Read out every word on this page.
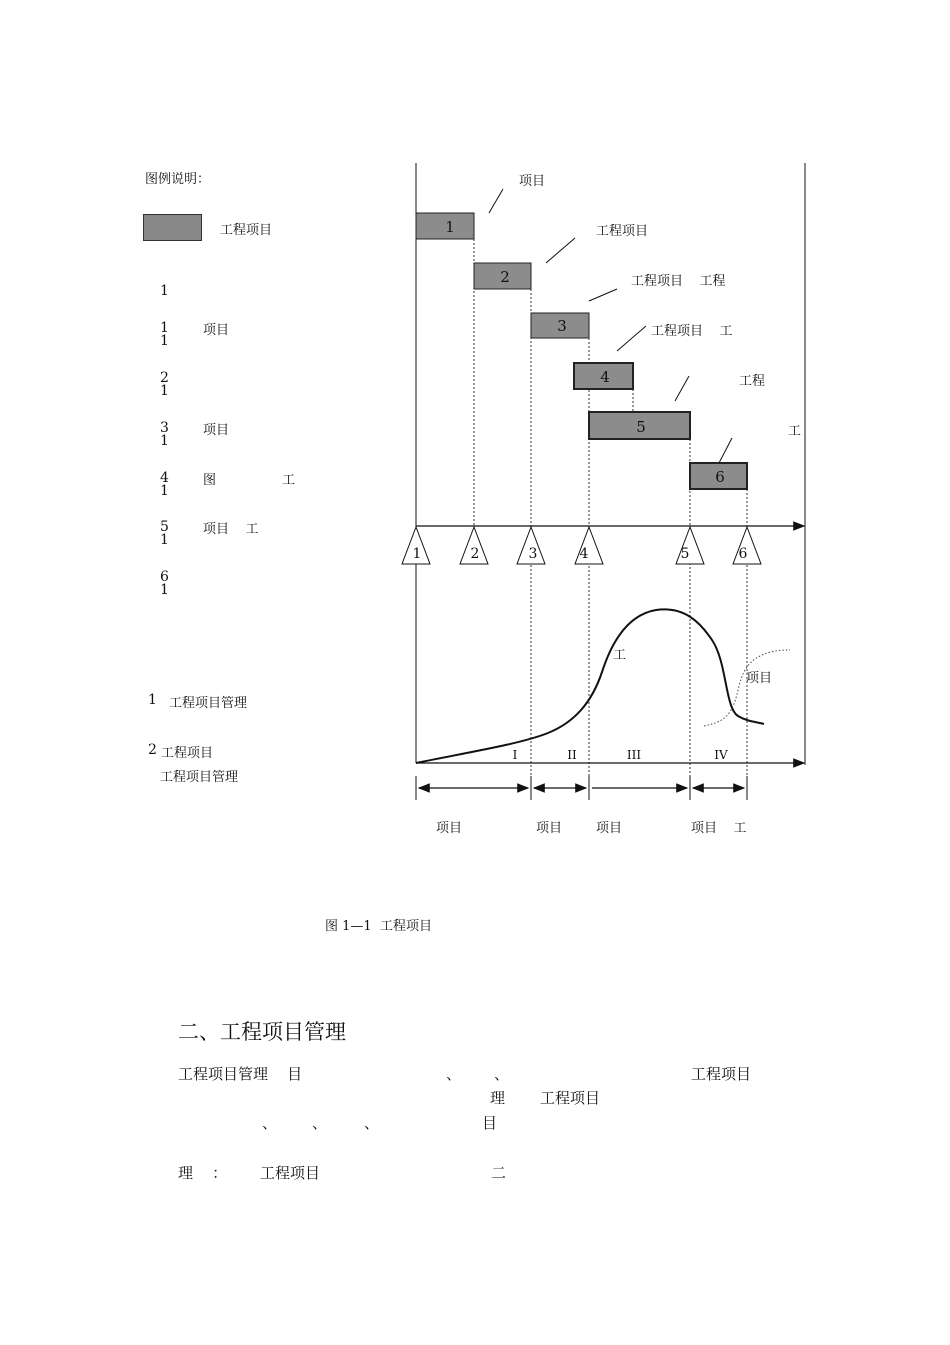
图例说明：
工程项目
1
1
1
项目
2
1
3
1
项目
4
1
图                工
5
1
项目    工
6
1
1 工程项目管理
2 工程项目
工程项目管理
1
2
3
4
5
6
项目
工程项目
工程项目    工程
工程项目    工
工程
工
1	2	3	4	5	6
工
项目
I	II	III	IV
项目	项目	项目	项目    工
图 1—1  工程项目
二、工程项目管理
工程项目管理    目	、 、	工程项目
理 工程项目
、 、 、	目
理    ： 工程项目	二
